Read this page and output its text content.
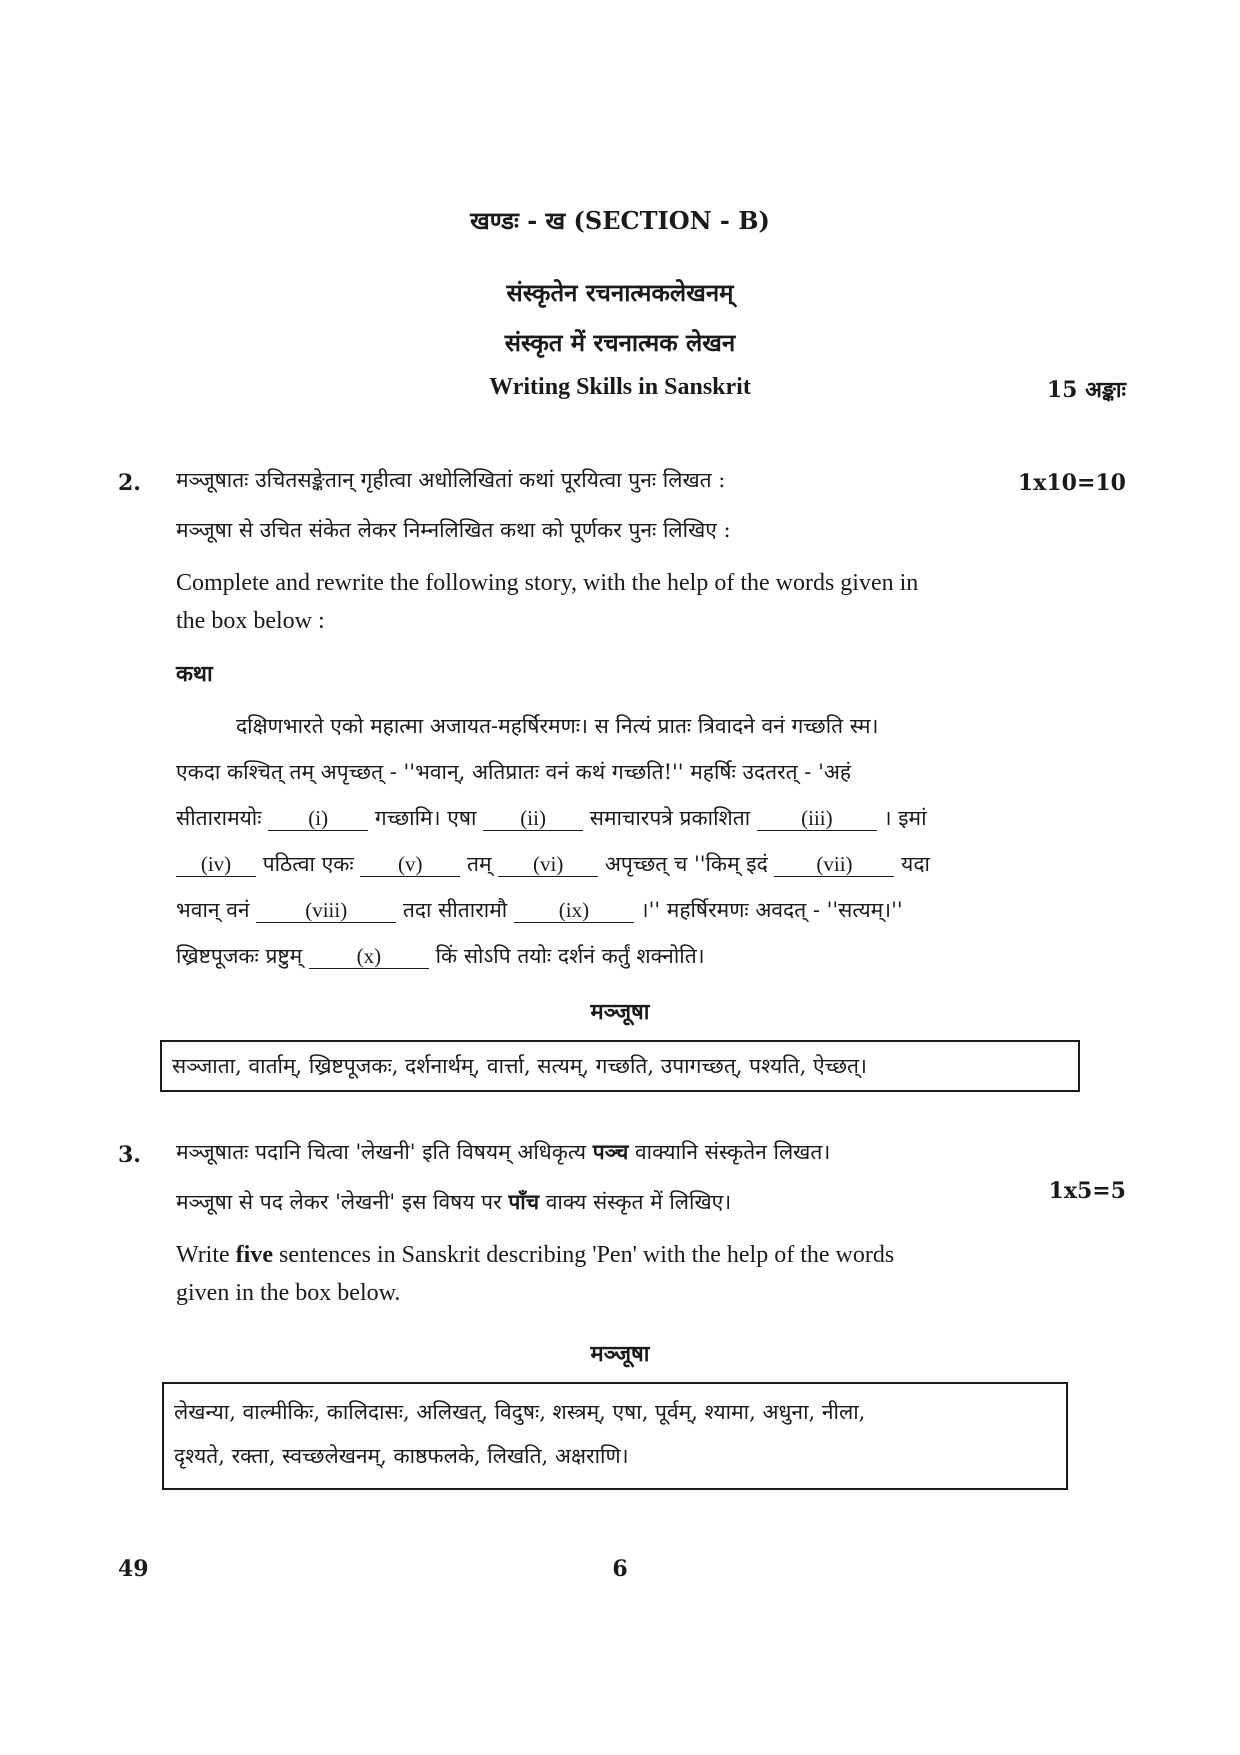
खण्डः - ख (SECTION - B)
संस्कृतेन रचनात्मकलेखनम्
संस्कृत में रचनात्मक लेखन
Writing Skills in Sanskrit	15 अङ्काः
2.	1x10=10
मञ्जूषातः उचितसङ्केतान् गृहीत्वा अधोलिखितां कथां पूरयित्वा पुनः लिखत :
मञ्जूषा से उचित संकेत लेकर निम्नलिखित कथा को पूर्णकर पुनः लिखिए :
Complete and rewrite the following story, with the help of the words given in
the box below :
कथा
दक्षिणभारते एको महात्मा अजायत-महर्षिरमणः। स नित्यं प्रातः त्रिवादने वनं गच्छति स्म।
एकदा कश्चित् तम् अपृच्छत् - ''भवान्, अतिप्रातः वनं कथं गच्छति!'' महर्षिः उदतरत् - 'अहं
सीतारामयोः (i) गच्छामि। एषा (ii) समाचारपत्रे प्रकाशिता (iii) । इमां
(iv) पठित्वा एकः (v) तम् (vi) अपृच्छत् च ''किम् इदं (vii) यदा
भवान् वनं	(viii)	तदा सीतारामौ (ix) ।'' महर्षिरमणः अवदत् - ''सत्यम्।''
ख्रिष्टपूजकः प्रष्टुम्	(x)	किं सोऽपि तयोः दर्शनं कर्तुं शक्नोति।
मञ्जूषा
सञ्जाता, वार्ताम्, ख्रिष्टपूजकः, दर्शनार्थम्, वार्त्ता, सत्यम्, गच्छति, उपागच्छत्, पश्यति, ऐच्छत्।
3.
1x5=5
मञ्जूषातः पदानि चित्वा 'लेखनी' इति विषयम् अधिकृत्य पञ्च वाक्यानि संस्कृतेन लिखत।
मञ्जूषा से पद लेकर 'लेखनी' इस विषय पर पाँच वाक्य संस्कृत में लिखिए।
Write five sentences in Sanskrit describing 'Pen' with the help of the words
given in the box below.
मञ्जूषा
लेखन्या, वाल्मीकिः, कालिदासः, अलिखत्, विदुषः, शस्त्रम्, एषा, पूर्वम्, श्यामा, अधुना, नीला,
दृश्यते, रक्ता, स्वच्छलेखनम्, काष्ठफलके, लिखति, अक्षराणि।
49	6
